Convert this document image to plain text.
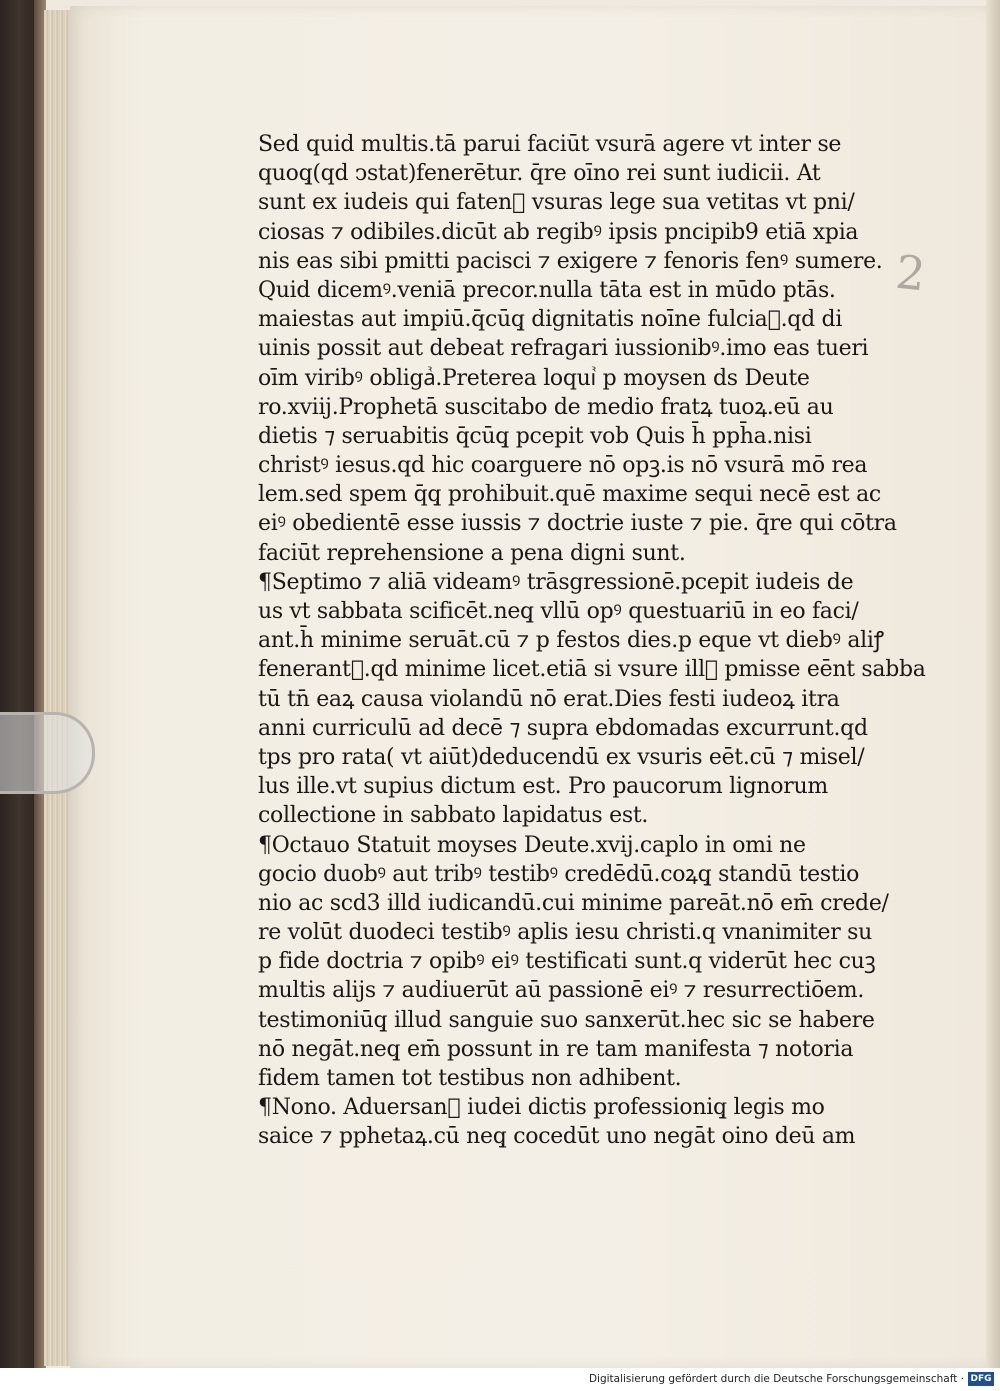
2
Sed quid multis.tā parui faciūt vsurā agere vt inter se
quoq̧(qd ↄstat)fenerētur. q̄re oīno rei sunt iudicii. At
sunt ex iudeis qui fatenᷣ vsuras lege sua vetitas vt pni/
ciosas ⁊ odibiles.dicūt ab regibꝰ ipsis pncipib9 etiā xpia
nis eas sibi pmitti pacisci ⁊ exigere ⁊ fenoris fenꝰ sumere.
Quid dicemꝰ.veniā precor.nulla tāta est in mūdo ptās.
maiestas aut impiū.q̄cūq̧ dignitatis noīne fulciaᷣ.qd di
uinis possit aut debeat refragari iussionibꝰ.imo eas tueri
oīm viribꝰ obligaᷣ.Preterea loquiᷣ p moysen ds Deute
ro.xviij.Prophetā suscitabo de medio fratꝝ tuoꝝ.eū au
dietis ⁊ seruabitis q̄cūq̧ pcepit vob Quis h̄ pph̄a.nisi
christꝰ iesus.qd hic coarguere nō opꝫ.is nō vsurā mō rea
lem.sed spem q̄q̧ prohibuit.quē maxime sequi necē est ac
eiꝰ obedientē esse iussis ⁊ doctrie iuste ⁊ pie. q̄re qui cōtra
faciūt reprehensione a pena digni sunt.
¶Septimo ⁊ aliā videamꝰ trāsgressionē.pcepit iudeis de
us vt sabbata scificēt.neq̧ vllū opꝰ questuariū in eo faci/
ant.h̄ minime seruāt.cū ⁊ p festos dies.p eque vt diebꝰ aliꝭ
fenerantᷣ.qd minime licet.etiā si vsure illꝰ pmisse eēnt sabba
tū tn̄ eaꝝ causa violandū nō erat.Dies festi iudeoꝝ itra
anni curriculū ad decē ⁊ supra ebdomadas excurrunt.qd
tps pro rata( vt aiūt)deducendū ex vsuris eēt.cū ⁊ misel/
lus ille.vt supius dictum est. Pro paucorum lignorum
collectione in sabbato lapidatus est.
¶Octauo Statuit moyses Deute.xvij.caplo in omi ne
gocio duobꝰ aut tribꝰ testibꝰ credēdū.coꝝq̧ standū testio
nio ac scd3 illd iudicandū.cui minime pareāt.nō em̄ crede/
re volūt duodeci testibꝰ aplis iesu christi.q vnanimiter su
p fide doctria ⁊ opibꝰ eiꝰ testificati sunt.q viderūt hec cuꝫ
multis alijs ⁊ audiuerūt aū passionē eiꝰ ⁊ resurrectiōem.
testimoniūq̧ illud sanguie suo sanxerūt.hec sic se habere
nō negāt.neq̧ em̄ possunt in re tam manifesta ⁊ notoria
fidem tamen tot testibus non adhibent.
¶Nono. Aduersanᷣ iudei dictis professioniq̧ legis mo
saice ⁊ pphetaꝝ.cū neq̧ cocedūt uno negāt oino deū am
Digitalisierung gefördert durch die Deutsche Forschungsgemeinschaft · DFG
